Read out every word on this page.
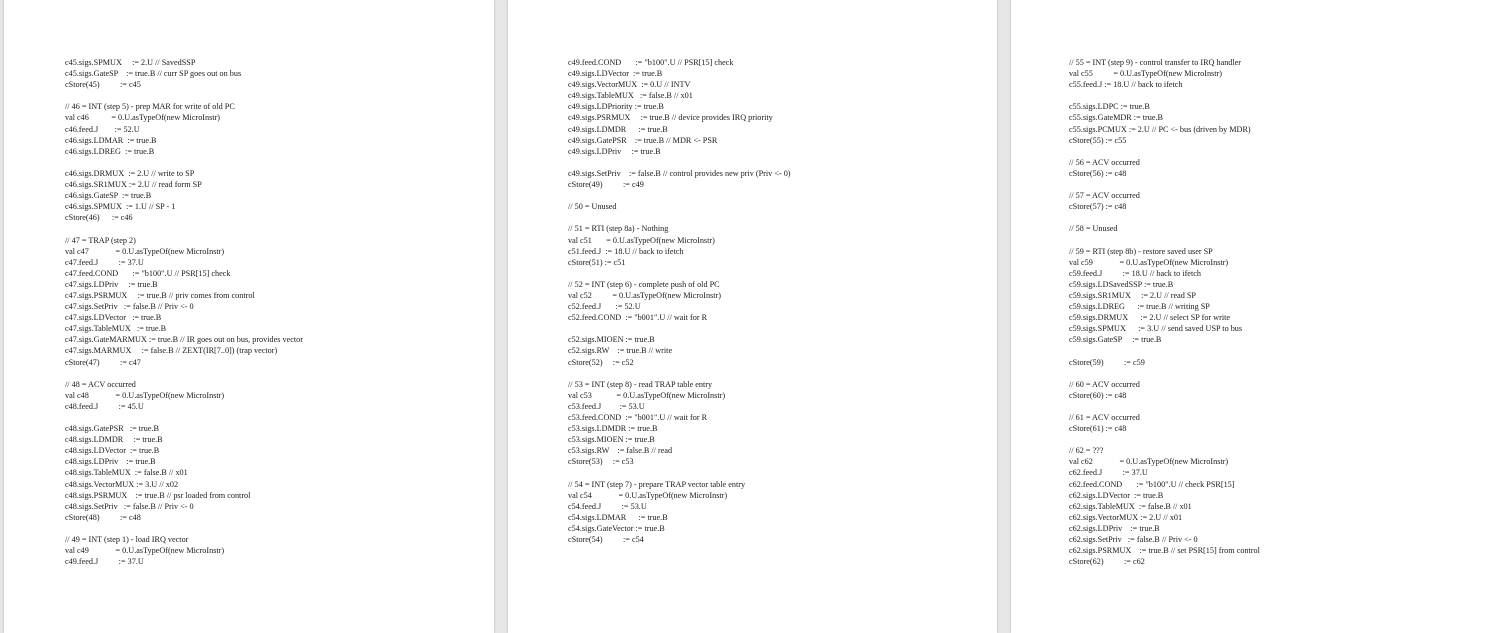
c45.sigs.SPMUX     := 2.U // SavedSSP
c45.sigs.GateSP    := true.B // curr SP goes out on bus
cStore(45)          := c45
// 46 = INT (step 5) - prep MAR for write of old PC
val c46           = 0.U.asTypeOf(new MicroInstr)
c46.feed.J        := 52.U
c46.sigs.LDMAR  := true.B
c46.sigs.LDREG  := true.B
c46.sigs.DRMUX  := 2.U // write to SP
c46.sigs.SR1MUX := 2.U // read form SP
c46.sigs.GateSP  := true.B
c46.sigs.SPMUX  := 1.U // SP - 1
cStore(46)      := c46
// 47 = TRAP (step 2)
val c47             = 0.U.asTypeOf(new MicroInstr)
c47.feed.J          := 37.U
c47.feed.COND       := "b100".U // PSR[15] check
c47.sigs.LDPriv     := true.B
c47.sigs.PSRMUX     := true.B // priv comes from control
c47.sigs.SetPriv   := false.B // Priv <- 0
c47.sigs.LDVector   := true.B
c47.sigs.TableMUX   := true.B
c47.sigs.GateMARMUX := true.B // IR goes out on bus, provides vector
c47.sigs.MARMUX     := false.B // ZEXT(IR[7..0]) (trap vector)
cStore(47)          := c47
// 48 = ACV occurred
val c48             = 0.U.asTypeOf(new MicroInstr)
c48.feed.J          := 45.U
c48.sigs.GatePSR   := true.B
c48.sigs.LDMDR     := true.B
c48.sigs.LDVector  := true.B
c48.sigs.LDPriv    := true.B
c48.sigs.TableMUX  := false.B // x01
c48.sigs.VectorMUX := 3.U // x02
c48.sigs.PSRMUX    := true.B // psr loaded from control
c48.sigs.SetPriv   := false.B // Priv <- 0
cStore(48)          := c48
// 49 = INT (step 1) - load IRQ vector
val c49             = 0.U.asTypeOf(new MicroInstr)
c49.feed.J          := 37.U
c49.feed.COND       := "b100".U // PSR[15] check
c49.sigs.LDVector  := true.B
c49.sigs.VectorMUX  := 0.U // INTV
c49.sigs.TableMUX   := false.B // x01
c49.sigs.LDPriority := true.B
c49.sigs.PSRMUX     := true.B // device provides IRQ priority
c49.sigs.LDMDR      := true.B
c49.sigs.GatePSR    := true.B // MDR <- PSR
c49.sigs.LDPriv     := true.B
c49.sigs.SetPriv    := false.B // control provides new priv (Priv <- 0)
cStore(49)          := c49
// 50 = Unused
// 51 = RTI (step 8a) - Nothing
val c51       = 0.U.asTypeOf(new MicroInstr)
c51.feed.J  := 18.U // back to ifetch
cStore(51) := c51
// 52 = INT (step 6) - complete push of old PC
val c52          = 0.U.asTypeOf(new MicroInstr)
c52.feed.J       := 52.U
c52.feed.COND  := "b001".U // wait for R
c52.sigs.MIOEN := true.B
c52.sigs.RW    := true.B // write
cStore(52)     := c52
// 53 = INT (step 8) - read TRAP table entry
val c53            = 0.U.asTypeOf(new MicroInstr)
c53.feed.J         := 53.U
c53.feed.COND  := "b001".U // wait for R
c53.sigs.LDMDR := true.B
c53.sigs.MIOEN := true.B
c53.sigs.RW    := false.B // read
cStore(53)     := c53
// 54 = INT (step 7) - prepare TRAP vector table entry
val c54             = 0.U.asTypeOf(new MicroInstr)
c54.feed.J          := 53.U
c54.sigs.LDMAR      := true.B
c54.sigs.GateVector := true.B
cStore(54)          := c54
// 55 = INT (step 9) - control transfer to IRQ handler
val c55          = 0.U.asTypeOf(new MicroInstr)
c55.feed.J := 18.U // back to ifetch
c55.sigs.LDPC := true.B
c55.sigs.GateMDR := true.B
c55.sigs.PCMUX := 2.U // PC <- bus (driven by MDR)
cStore(55) := c55
// 56 = ACV occurred
cStore(56) := c48
// 57 = ACV occurred
cStore(57) := c48
// 58 = Unused
// 59 = RTI (step 8b) - restore saved user SP
val c59             = 0.U.asTypeOf(new MicroInstr)
c59.feed.J          := 18.U // back to ifetch
c59.sigs.LDSavedSSP := true.B
c59.sigs.SR1MUX     := 2.U // read SP
c59.sigs.LDREG      := true.B // writing SP
c59.sigs.DRMUX      := 2.U // select SP for write
c59.sigs.SPMUX      := 3.U // send saved USP to bus
c59.sigs.GateSP     := true.B
cStore(59)          := c59
// 60 = ACV occurred
cStore(60) := c48
// 61 = ACV occurred
cStore(61) := c48
// 62 = ???
val c62             = 0.U.asTypeOf(new MicroInstr)
c62.feed.J          := 37.U
c62.feed.COND       := "b100".U // check PSR[15]
c62.sigs.LDVector  := true.B
c62.sigs.TableMUX  := false.B // x01
c62.sigs.VectorMUX := 2.U // x01
c62.sigs.LDPriv    := true.B
c62.sigs.SetPriv   := false.B // Priv <- 0
c62.sigs.PSRMUX    := true.B // set PSR[15] from control
cStore(62)          := c62
